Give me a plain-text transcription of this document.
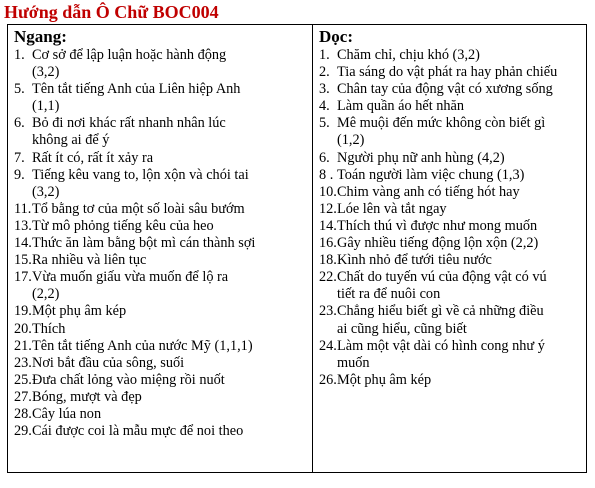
Hướng dẫn Ô Chữ BOC004
Ngang:
1. Cơ sở để lập luận hoặc hành động
(3,2)
5. Tên tắt tiếng Anh của Liên hiệp Anh
(1,1)
6. Bỏ đi nơi khác rất nhanh nhân lúc
không ai để ý
7. Rất ít có, rất ít xảy ra
9. Tiếng kêu vang to, lộn xộn và chói tai
(3,2)
11. Tổ bằng tơ của một số loài sâu bướm
13. Từ mô phỏng tiếng kêu của heo
14. Thức ăn làm bằng bột mì cán thành sợi
15. Ra nhiều và liên tục
17. Vừa muốn giấu vừa muốn để lộ ra
(2,2)
19. Một phụ âm kép
20. Thích
21. Tên tắt tiếng Anh của nước Mỹ (1,1,1)
23. Nơi bắt đầu của sông, suối
25. Đưa chất lỏng vào miệng rồi nuốt
27. Bóng, mượt và đẹp
28. Cây lúa non
29. Cái được coi là mẫu mực để noi theo

Dọc:
1. Chăm chỉ, chịu khó (3,2)
2. Tia sáng do vật phát ra hay phản chiếu
3. Chân tay của động vật có xương sống
4. Làm quần áo hết nhăn
5. Mê muội đến mức không còn biết gì
(1,2)
6. Người phụ nữ anh hùng (4,2)
8 . Toán người làm việc chung (1,3)
10. Chim vàng anh có tiếng hót hay
12. Lóe lên và tắt ngay
14. Thích thú vì được như mong muốn
16. Gây nhiều tiếng động lộn xộn (2,2)
18. Kình nhỏ để tưới tiêu nước
22. Chất do tuyến vú của động vật có vú
tiết ra để nuôi con
23. Chẳng hiểu biết gì về cả những điều
ai cũng hiểu, cũng biết
24. Làm một vật dài có hình cong như ý
muốn
26. Một phụ âm kép
